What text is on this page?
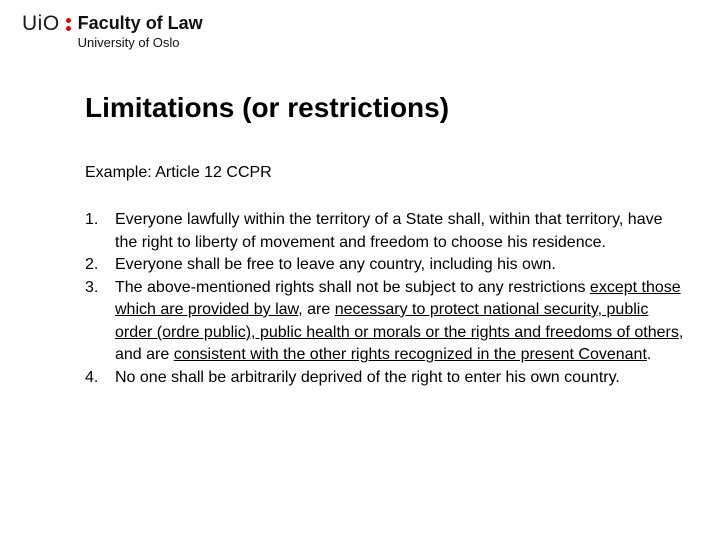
UiO Faculty of Law
University of Oslo
Limitations (or restrictions)

Example: Article 12 CCPR

1. Everyone lawfully within the territory of a State shall, within that territory, have the right to liberty of movement and freedom to choose his residence.
2. Everyone shall be free to leave any country, including his own.
3. The above-mentioned rights shall not be subject to any restrictions except those which are provided by law, are necessary to protect national security, public order (ordre public), public health or morals or the rights and freedoms of others, and are consistent with the other rights recognized in the present Covenant.
4. No one shall be arbitrarily deprived of the right to enter his own country.
